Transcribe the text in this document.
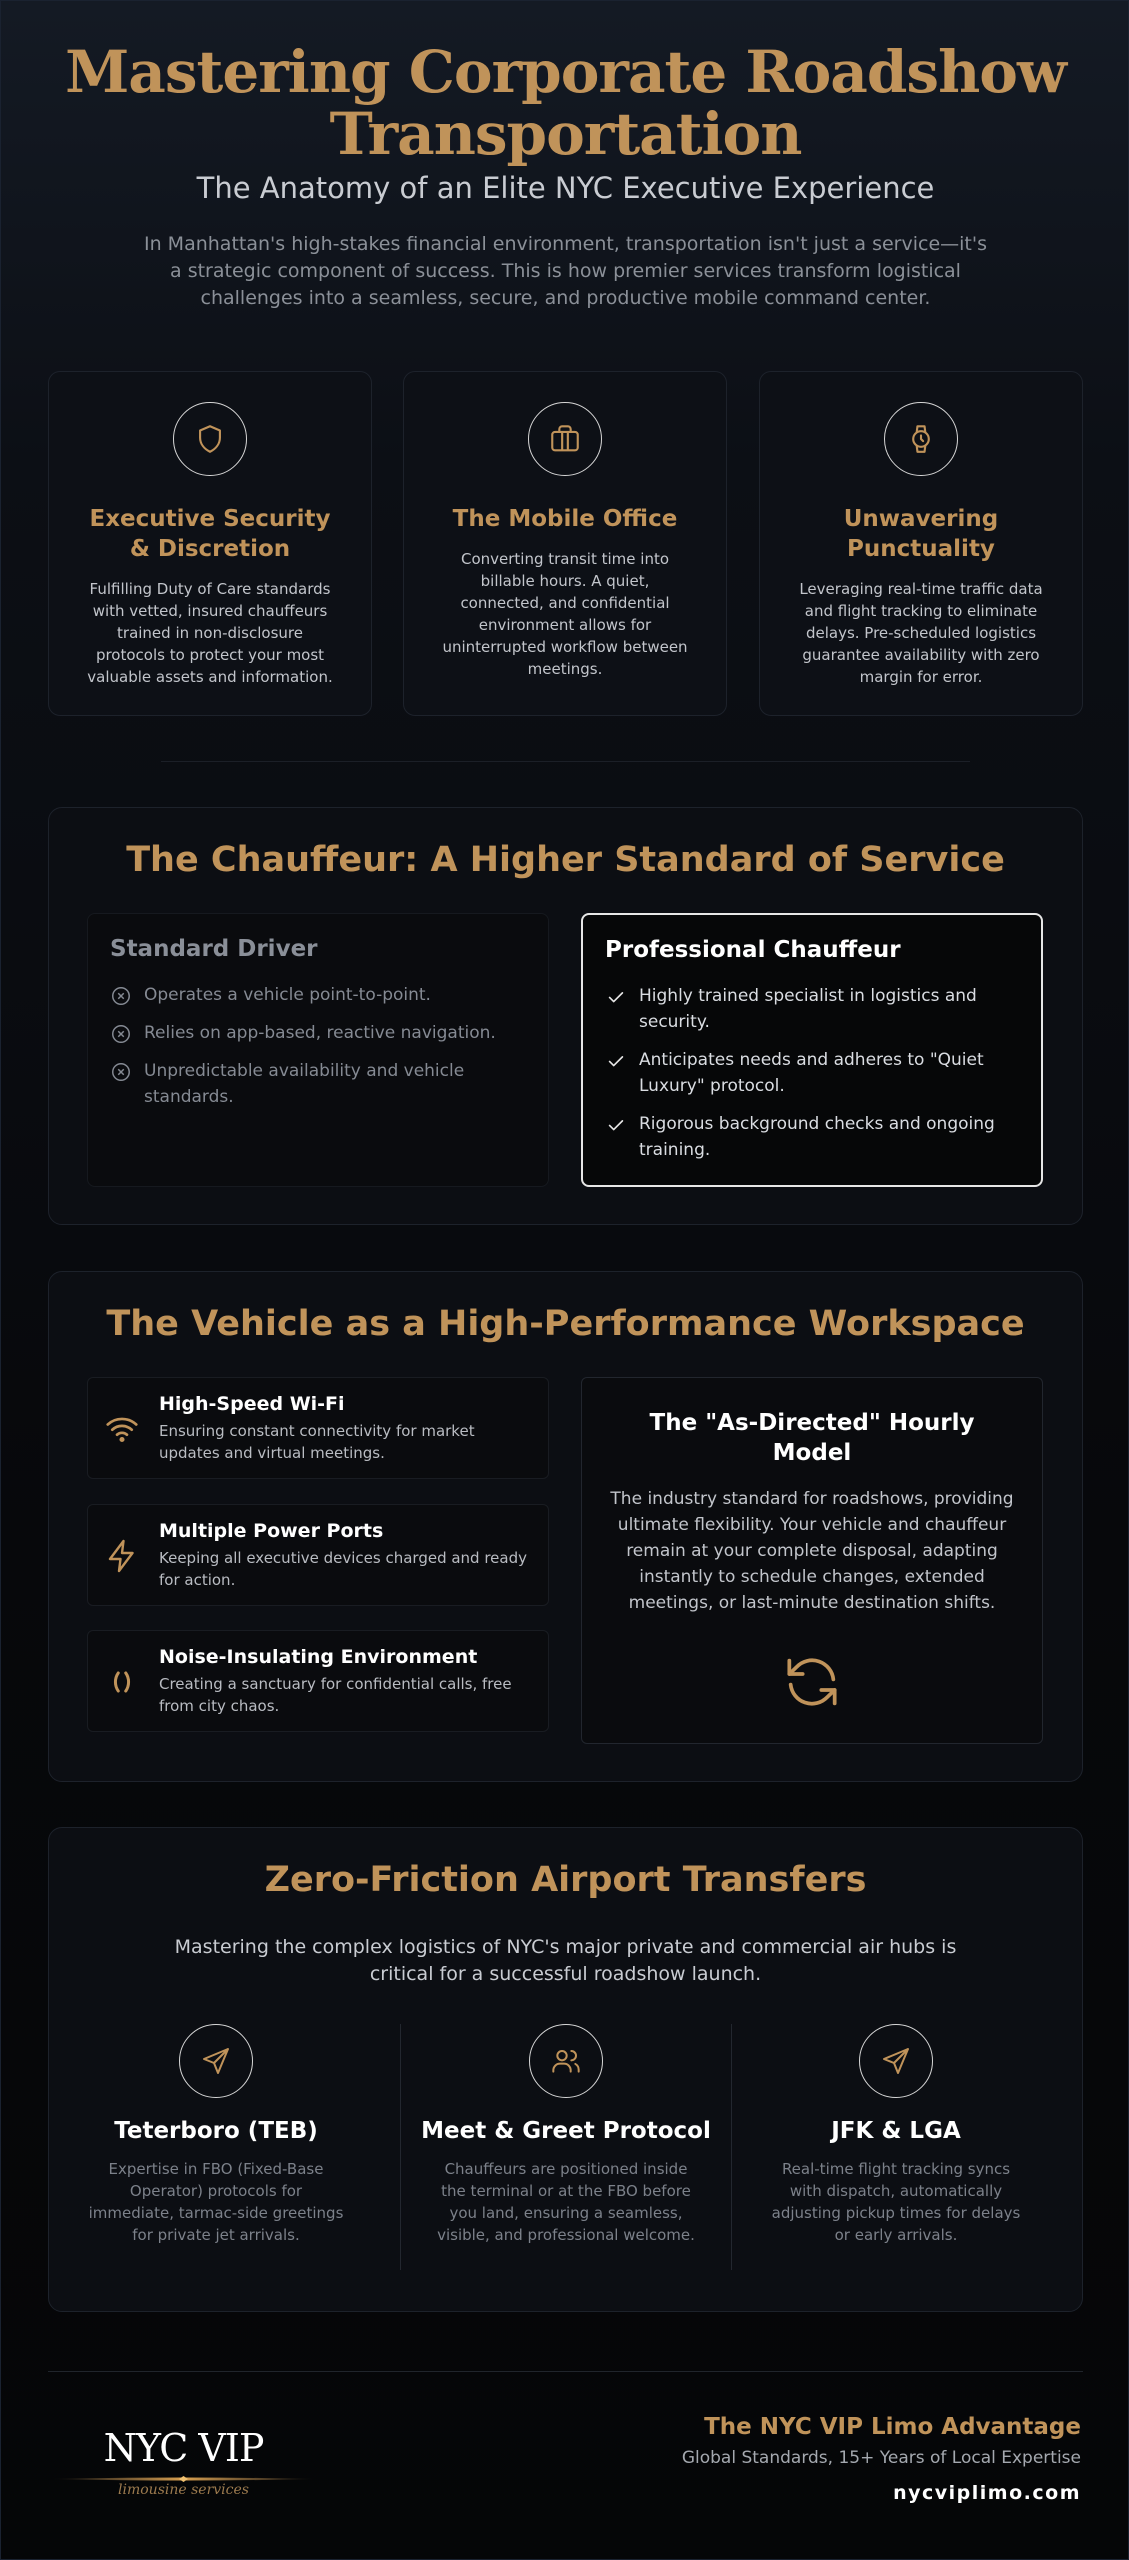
Mastering Corporate Roadshow Transportation
The Anatomy of an Elite NYC Executive Experience
In Manhattan's high-stakes financial environment, transportation isn't just a service—it's a strategic component of success. This is how premier services transform logistical challenges into a seamless, secure, and productive mobile command center.
Executive Security & Discretion
Fulfilling Duty of Care standards with vetted, insured chauffeurs trained in non-disclosure protocols to protect your most valuable assets and information.
The Mobile Office
Converting transit time into billable hours. A quiet, connected, and confidential environment allows for uninterrupted workflow between meetings.
Unwavering Punctuality
Leveraging real-time traffic data and flight tracking to eliminate delays. Pre-scheduled logistics guarantee availability with zero margin for error.
The Chauffeur: A Higher Standard of Service
Standard Driver
Operates a vehicle point-to-point.
Relies on app-based, reactive navigation.
Unpredictable availability and vehicle standards.
Professional Chauffeur
Highly trained specialist in logistics and security.
Anticipates needs and adheres to "Quiet Luxury" protocol.
Rigorous background checks and ongoing training.
The Vehicle as a High-Performance Workspace
High-Speed Wi-Fi
Ensuring constant connectivity for market updates and virtual meetings.
Multiple Power Ports
Keeping all executive devices charged and ready for action.
Noise-Insulating Environment
Creating a sanctuary for confidential calls, free from city chaos.
The "As-Directed" Hourly Model
The industry standard for roadshows, providing ultimate flexibility. Your vehicle and chauffeur remain at your complete disposal, adapting instantly to schedule changes, extended meetings, or last-minute destination shifts.
Zero-Friction Airport Transfers
Mastering the complex logistics of NYC's major private and commercial air hubs is critical for a successful roadshow launch.
Teterboro (TEB)
Expertise in FBO (Fixed-Base Operator) protocols for immediate, tarmac-side greetings for private jet arrivals.
Meet & Greet Protocol
Chauffeurs are positioned inside the terminal or at the FBO before you land, ensuring a seamless, visible, and professional welcome.
JFK & LGA
Real-time flight tracking syncs with dispatch, automatically adjusting pickup times for delays or early arrivals.
NYC VIP
limousine services
The NYC VIP Limo Advantage
Global Standards, 15+ Years of Local Expertise
nycviplimo.com
